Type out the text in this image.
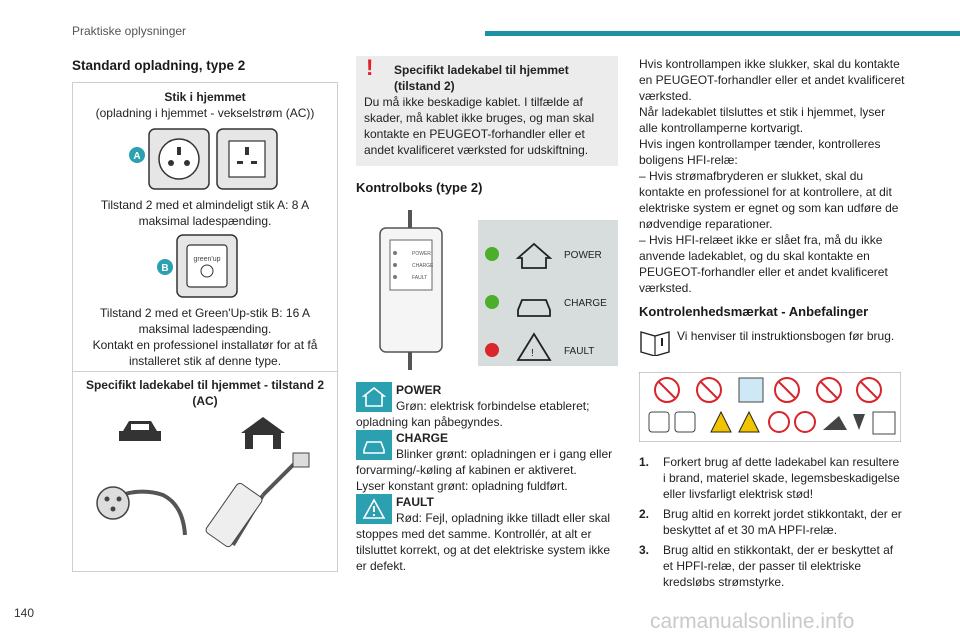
Praktiske oplysninger
Standard opladning, type 2
Stik i hjemmet
(opladning i hjemmet - vekselstrøm (AC))
A
Tilstand 2 med et almindeligt stik A: 8 A maksimal ladespænding.
B
green'up
Tilstand 2 med et Green'Up-stik B: 16 A maksimal ladespænding.
Kontakt en professionel installatør for at få installeret stik af denne type.
Specifikt ladekabel til hjemmet - tilstand 2 (AC)
!	Specifikt ladekabel til hjemmet (tilstand 2)
Du må ikke beskadige kablet. I tilfælde af skader, må kablet ikke bruges, og man skal kontakte en PEUGEOT-forhandler eller et andet kvalificeret værksted for udskiftning.
Kontrolboks (type 2)
POWER
CHARGE
FAULT
POWER
CHARGE
!	FAULT
POWER
Grøn: elektrisk forbindelse etableret; opladning kan påbegyndes.
CHARGE
Blinker grønt: opladningen er i gang eller forvarming/-køling af kabinen er aktiveret.
Lyser konstant grønt: opladning fuldført.
FAULT
Rød: Fejl, opladning ikke tilladt eller skal stoppes med det samme. Kontrollér, at alt er tilsluttet korrekt, og at det elektriske system ikke er defekt.
Hvis kontrollampen ikke slukker, skal du kontakte en PEUGEOT-forhandler eller et andet kvalificeret værksted.
Når ladekablet tilsluttes et stik i hjemmet, lyser alle kontrollamperne kortvarigt.
Hvis ingen kontrollamper tænder, kontrolleres boligens HFI-relæ:
– Hvis strømafbryderen er slukket, skal du kontakte en professionel for at kontrollere, at dit elektriske system er egnet og som kan udføre de nødvendige reparationer.
– Hvis HFI-relæet ikke er slået fra, må du ikke anvende ladekablet, og du skal kontakte en PEUGEOT-forhandler eller et andet kvalificeret værksted.
Kontrolenhedsmærkat - Anbefalinger
Vi henviser til instruktionsbogen før brug.
1. Forkert brug af dette ladekabel kan resultere i brand, materiel skade, legemsbeskadigelse eller livsfarligt elektrisk stød!
2. Brug altid en korrekt jordet stikkontakt, der er beskyttet af et 30 mA HPFI-relæ.
3. Brug altid en stikkontakt, der er beskyttet af et HPFI-relæ, der passer til elektriske kredsløbs strømstyrke.
140	carmanualsonline.info
